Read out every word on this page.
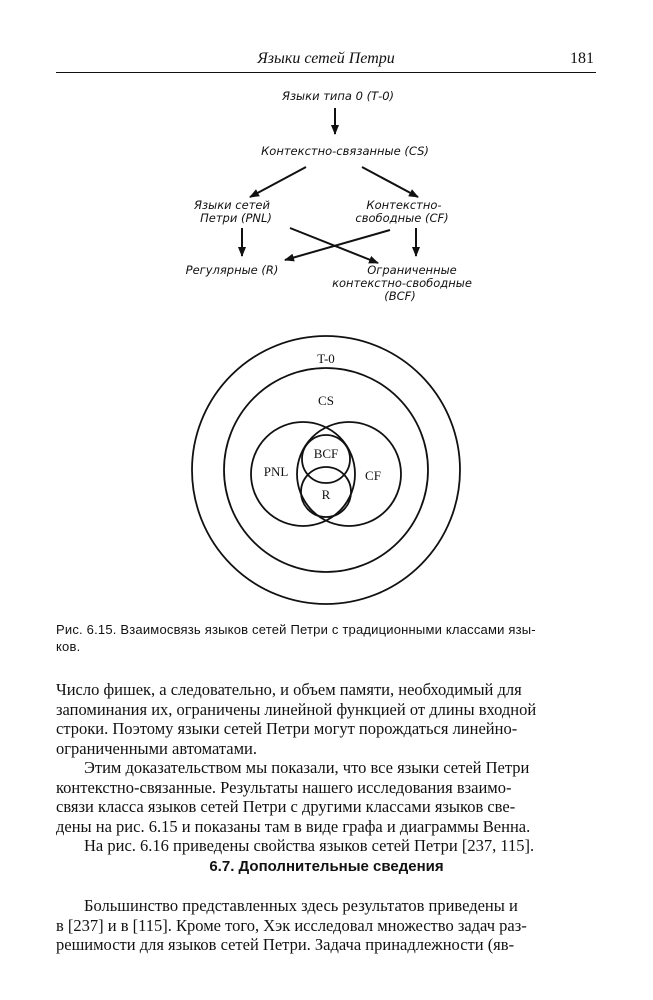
Языки сетей Петри	181
Языки типа 0 (Т-0)
Контекстно-связанные (CS)
Языки сетей
Петри (PNL)
Контекстно-
свободные (CF)
Регулярные (R)	Ограниченные
контекстно-свободные
(BCF)
T-0
CS
PNL	CF
BCF
R
Рис. 6.15. Взаимосвязь языков сетей Петри с традиционными классами язы-
ков.
Число фишек, а следовательно, и объем памяти, необходимый для
запоминания их, ограничены линейной функцией от длины входной
строки. Поэтому языки сетей Петри могут порождаться линейно-
ограниченными автоматами.
Этим доказательством мы показали, что все языки сетей Петри
контекстно-связанные. Результаты нашего исследования взаимо-
связи класса языков сетей Петри с другими классами языков све-
дены на рис. 6.15 и показаны там в виде графа и диаграммы Венна.
На рис. 6.16 приведены свойства языков сетей Петри [237, 115].
6.7. Дополнительные сведения
Большинство представленных здесь результатов приведены и
в [237] и в [115]. Кроме того, Хэк исследовал множество задач раз-
решимости для языков сетей Петри. Задача принадлежности (яв-
